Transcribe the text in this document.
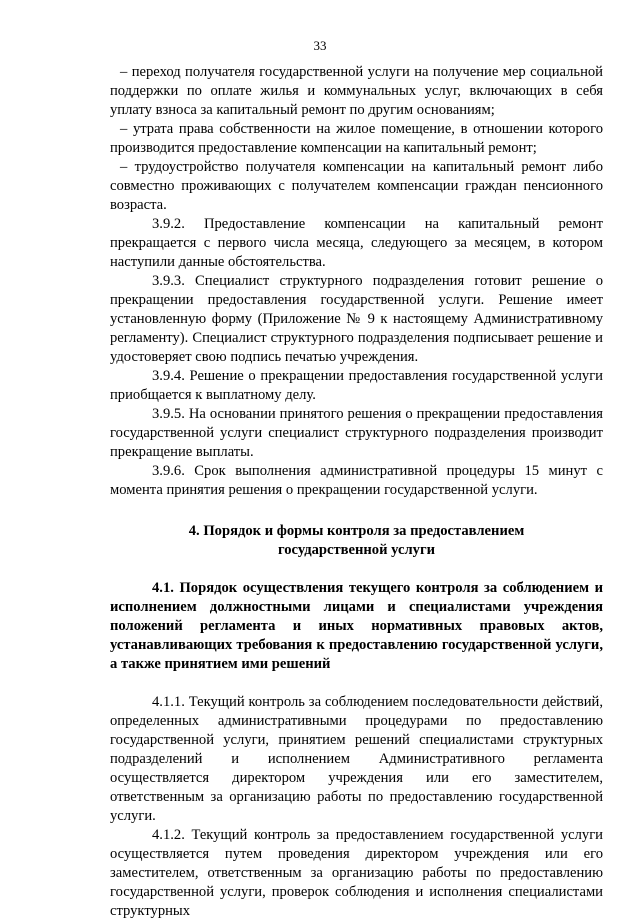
33

– переход получателя государственной услуги на получение мер социальной поддержки по оплате жилья и коммунальных услуг, включающих в себя уплату взноса за капитальный ремонт по другим основаниям;

– утрата права собственности на жилое помещение, в отношении которого производится предоставление компенсации на капитальный ремонт;

– трудоустройство получателя компенсации на капитальный ремонт либо совместно проживающих с получателем компенсации граждан пенсионного возраста.

3.9.2. Предоставление компенсации на капитальный ремонт прекращается с первого числа месяца, следующего за месяцем, в котором наступили данные обстоятельства.

3.9.3. Специалист структурного подразделения готовит решение о прекращении предоставления государственной услуги. Решение имеет установленную форму (Приложение № 9 к настоящему Административному регламенту). Специалист структурного подразделения подписывает решение и удостоверяет свою подпись печатью учреждения.

3.9.4. Решение о прекращении предоставления государственной услуги приобщается к выплатному делу.

3.9.5. На основании принятого решения о прекращении предоставления государственной услуги специалист структурного подразделения производит прекращение выплаты.

3.9.6. Срок выполнения административной процедуры 15 минут с момента принятия решения о прекращении государственной услуги.

4. Порядок и формы контроля за предоставлением
государственной услуги

4.1. Порядок осуществления текущего контроля за соблюдением и исполнением должностными лицами и специалистами учреждения положений регламента и иных нормативных правовых актов, устанавливающих требования к предоставлению государственной услуги, а также принятием ими решений

4.1.1. Текущий контроль за соблюдением последовательности действий, определенных административными процедурами по предоставлению государственной услуги, принятием решений специалистами структурных подразделений и исполнением Административного регламента осуществляется директором учреждения или его заместителем, ответственным за организацию работы по предоставлению государственной услуги.

4.1.2. Текущий контроль за предоставлением государственной услуги осуществляется путем проведения директором учреждения или его заместителем, ответственным за организацию работы по предоставлению государственной услуги, проверок соблюдения и исполнения специалистами структурных
